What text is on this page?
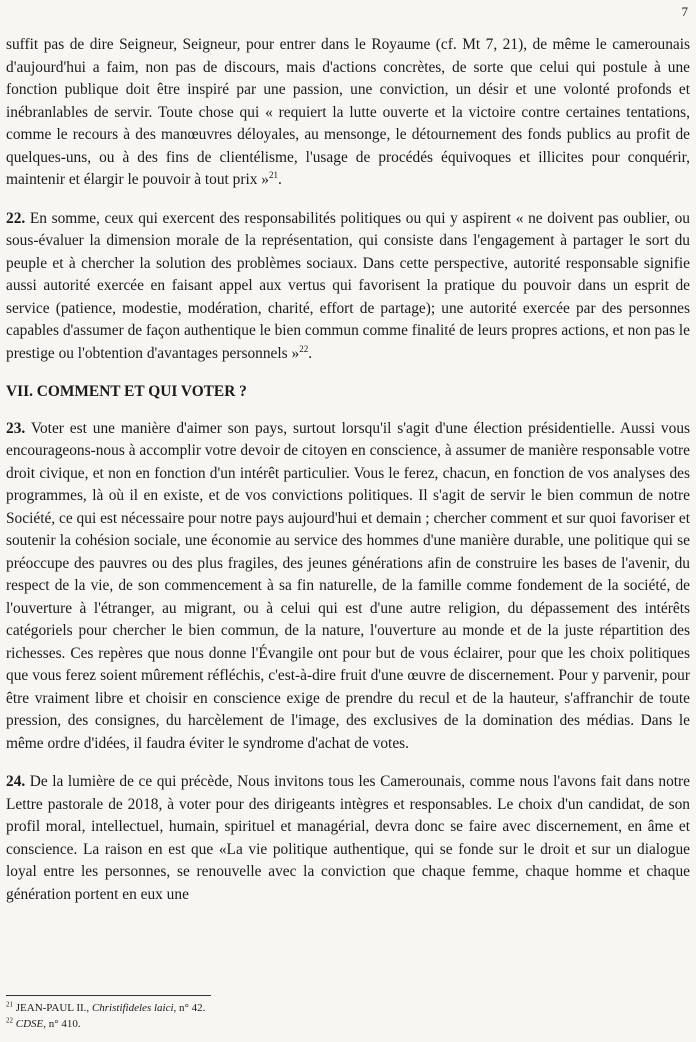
7

suffit pas de dire Seigneur, Seigneur, pour entrer dans le Royaume (cf. Mt 7, 21), de même le camerounais d'aujourd'hui a faim, non pas de discours, mais d'actions concrètes, de sorte que celui qui postule à une fonction publique doit être inspiré par une passion, une conviction, un désir et une volonté profonds et inébranlables de servir. Toute chose qui « requiert la lutte ouverte et la victoire contre certaines tentations, comme le recours à des manœuvres déloyales, au mensonge, le détournement des fonds publics au profit de quelques-uns, ou à des fins de clientélisme, l'usage de procédés équivoques et illicites pour conquérir, maintenir et élargir le pouvoir à tout prix »$^{21}$.

22. En somme, ceux qui exercent des responsabilités politiques ou qui y aspirent « ne doivent pas oublier, ou sous-évaluer la dimension morale de la représentation, qui consiste dans l'engagement à partager le sort du peuple et à chercher la solution des problèmes sociaux. Dans cette perspective, autorité responsable signifie aussi autorité exercée en faisant appel aux vertus qui favorisent la pratique du pouvoir dans un esprit de service (patience, modestie, modération, charité, effort de partage); une autorité exercée par des personnes capables d'assumer de façon authentique le bien commun comme finalité de leurs propres actions, et non pas le prestige ou l'obtention d'avantages personnels »$^{22}$.

VII. COMMENT ET QUI VOTER ?

23. Voter est une manière d'aimer son pays, surtout lorsqu'il s'agit d'une élection présidentielle. Aussi vous encourageons-nous à accomplir votre devoir de citoyen en conscience, à assumer de manière responsable votre droit civique, et non en fonction d'un intérêt particulier. Vous le ferez, chacun, en fonction de vos analyses des programmes, là où il en existe, et de vos convictions politiques. Il s'agit de servir le bien commun de notre Société, ce qui est nécessaire pour notre pays aujourd'hui et demain ; chercher comment et sur quoi favoriser et soutenir la cohésion sociale, une économie au service des hommes d'une manière durable, une politique qui se préoccupe des pauvres ou des plus fragiles, des jeunes générations afin de construire les bases de l'avenir, du respect de la vie, de son commencement à sa fin naturelle, de la famille comme fondement de la société, de l'ouverture à l'étranger, au migrant, ou à celui qui est d'une autre religion, du dépassement des intérêts catégoriels pour chercher le bien commun, de la nature, l'ouverture au monde et de la juste répartition des richesses. Ces repères que nous donne l'Évangile ont pour but de vous éclairer, pour que les choix politiques que vous ferez soient mûrement réfléchis, c'est-à-dire fruit d'une œuvre de discernement. Pour y parvenir, pour être vraiment libre et choisir en conscience exige de prendre du recul et de la hauteur, s'affranchir de toute pression, des consignes, du harcèlement de l'image, des exclusives de la domination des médias. Dans le même ordre d'idées, il faudra éviter le syndrome d'achat de votes.

24. De la lumière de ce qui précède, Nous invitons tous les Camerounais, comme nous l'avons fait dans notre Lettre pastorale de 2018, à voter pour des dirigeants intègres et responsables. Le choix d'un candidat, de son profil moral, intellectuel, humain, spirituel et managérial, devra donc se faire avec discernement, en âme et conscience. La raison en est que «La vie politique authentique, qui se fonde sur le droit et sur un dialogue loyal entre les personnes, se renouvelle avec la conviction que chaque femme, chaque homme et chaque génération portent en eux une

$^{21}$ JEAN-PAUL II., Christifideles laici, n° 42.
$^{22}$ CDSE, n° 410.
